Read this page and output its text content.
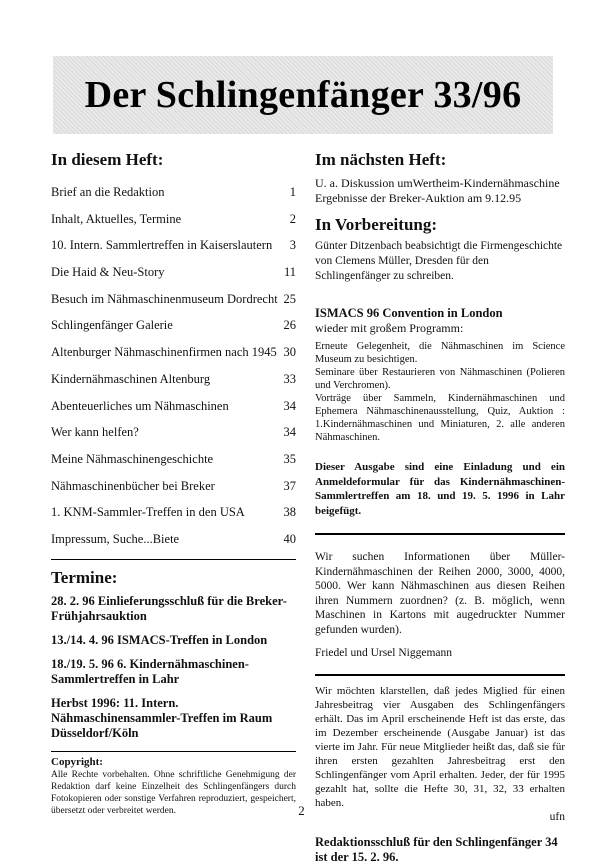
Der Schlingenfänger 33/96
In diesem Heft:
Brief an die Redaktion	1
Inhalt, Aktuelles, Termine	2
10. Intern. Sammlertreffen in Kaiserslautern 3
Die Haid & Neu-Story	11
Besuch im Nähmaschinenmuseum Dordrecht 25
Schlingenfänger Galerie	26
Altenburger Nähmaschinenfirmen nach 1945 30
Kindernähmaschinen Altenburg	33
Abenteuerliches um Nähmaschinen	34
Wer kann helfen?	34
Meine Nähmaschinengeschichte	35
Nähmaschinenbücher bei Breker	37
1. KNM-Sammler-Treffen in den USA	38
Impressum, Suche...Biete	40
Termine:
28. 2. 96 Einlieferungsschluß für die Breker-Frühjahrsauktion
13./14. 4. 96 ISMACS-Treffen in London
18./19. 5. 96 6. Kindernähmaschinen-Sammlertreffen in Lahr
Herbst 1996: 11. Intern. Nähmaschinensammler-Treffen im Raum Düsseldorf/Köln
Copyright:
Alle Rechte vorbehalten. Ohne schriftliche Genehmigung der Redaktion darf keine Einzelheit des Schlingenfängers durch Fotokopieren oder sonstige Verfahren reproduziert, gespeichert, übersetzt oder verbreitet werden.
Im nächsten Heft:
U. a. Diskussion umWertheim-Kindernähmaschine
Ergebnisse der Breker-Auktion am 9.12.95
In Vorbereitung:
Günter Ditzenbach beabsichtigt die Firmengeschichte von Clemens Müller, Dresden für den Schlingenfänger zu schreiben.
ISMACS 96 Convention in London
wieder mit großem Programm:
Erneute Gelegenheit, die Nähmaschinen im Science Museum zu besichtigen.
Seminare über Restaurieren von Nähmaschinen (Polieren und Verchromen).
Vorträge über Sammeln, Kindernähmaschinen und Ephemera Nähmaschinenausstellung, Quiz, Auktion : 1.Kindernähmaschinen und Miniaturen, 2. alle anderen Nähmaschinen.
Dieser Ausgabe sind eine Einladung und ein Anmeldeformular für das Kindernähmaschinen-Sammlertreffen am 18. und 19. 5. 1996 in Lahr beigefügt.
Wir suchen Informationen über Müller-Kindernähmaschinen der Reihen 2000, 3000, 4000, 5000. Wer kann Nähmaschinen aus diesen Reihen ihren Nummern zuordnen? (z. B. möglich, wenn Maschinen in Kartons mit augedruckter Nummer gefunden wurden).
Friedel und Ursel Niggemann
Wir möchten klarstellen, daß jedes Miglied für einen Jahresbeitrag vier Ausgaben des Schlingenfängers erhält. Das im April erscheinende Heft ist das erste, das im Dezember erscheinende (Ausgabe Januar) ist das vierte im Jahr. Für neue Mitglieder heißt das, daß sie für ihren ersten gezahlten Jahresbeitrag erst den Schlingenfänger vom April erhalten. Jeder, der für 1995 gezahlt hat, sollte die Hefte 30, 31, 32, 33 erhalten haben.
ufn
Redaktionsschluß für den Schlingenfänger 34 ist der 15. 2. 96.
2
